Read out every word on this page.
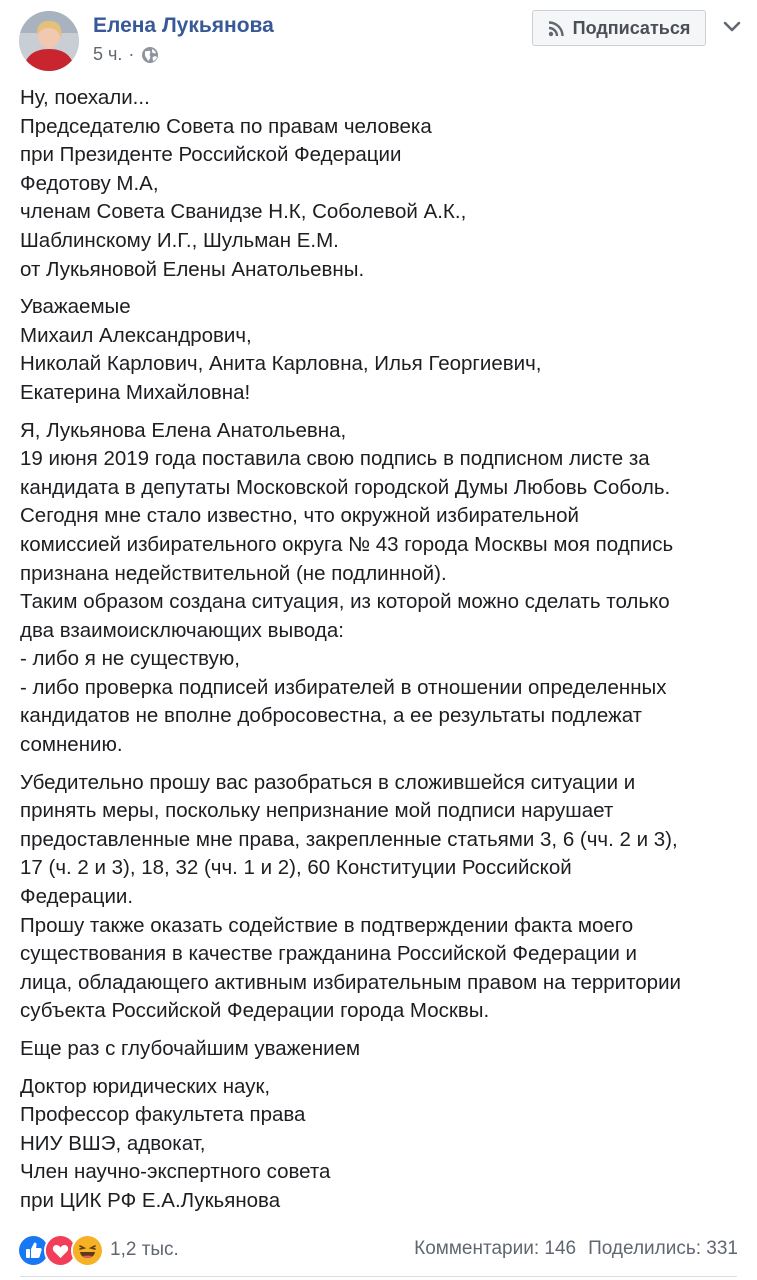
Елена Лукьянова
5 ч. ·
Подписаться

Ну, поехали...
Председателю Совета по правам человека
при Президенте Российской Федерации
Федотову М.А,
членам Совета Сванидзе Н.К, Соболевой А.К.,
Шаблинскому И.Г., Шульман Е.М.
от Лукьяновой Елены Анатольевны.

Уважаемые
Михаил Александрович,
Николай Карлович, Анита Карловна, Илья Георгиевич,
Екатерина Михайловна!

Я, Лукьянова Елена Анатольевна,
19 июня 2019 года поставила свою подпись в подписном листе за
кандидата в депутаты Московской городской Думы Любовь Соболь.
Сегодня мне стало известно, что окружной избирательной
комиссией избирательного округа № 43 города Москвы моя подпись
признана недействительной (не подлинной).
Таким образом создана ситуация, из которой можно сделать только
два взаимоисключающих вывода:
- либо я не существую,
- либо проверка подписей избирателей в отношении определенных
кандидатов не вполне добросовестна, а ее результаты подлежат
сомнению.

Убедительно прошу вас разобраться в сложившейся ситуации и
принять меры, поскольку непризнание мой подписи нарушает
предоставленные мне права, закрепленные статьями 3, 6 (чч. 2 и 3),
17 (ч. 2 и 3), 18, 32 (чч. 1 и 2), 60 Конституции Российской
Федерации.
Прошу также оказать содействие в подтверждении факта моего
существования в качестве гражданина Российской Федерации и
лица, обладающего активным избирательным правом на территории
субъекта Российской Федерации города Москвы.

Еще раз с глубочайшим уважением

Доктор юридических наук,
Профессор факультета права
НИУ ВШЭ, адвокат,
Член научно-экспертного совета
при ЦИК РФ Е.А.Лукьянова

1,2 тыс.	Комментарии: 146 Поделились: 331
